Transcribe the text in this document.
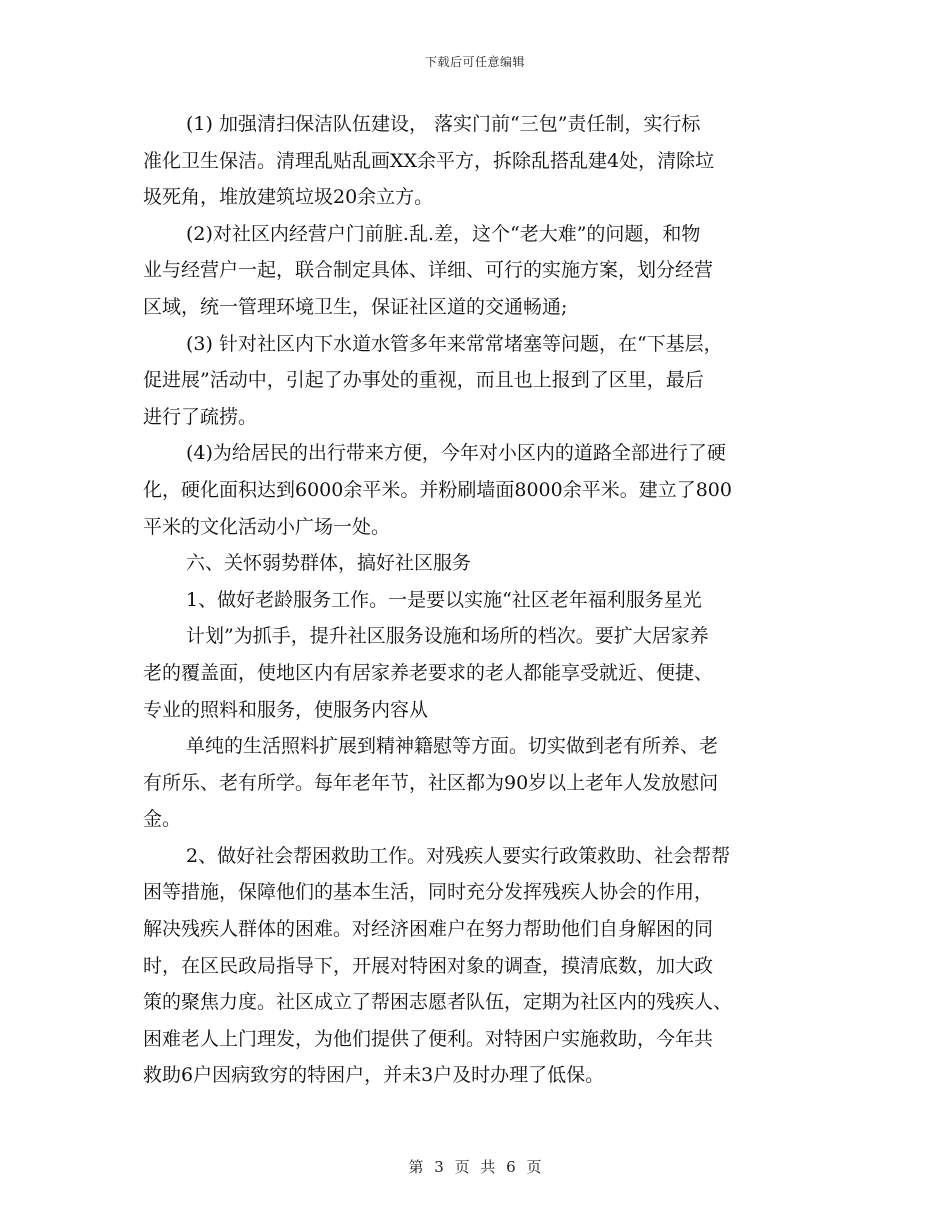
下载后可任意编辑
(1) 加强清扫保洁队伍建设， 落实门前“三包”责任制，实行标
准化卫生保洁。清理乱贴乱画XX余平方，拆除乱搭乱建4处，清除垃
圾死角，堆放建筑垃圾20余立方。
(2)对社区内经营户门前脏.乱.差，这个“老大难”的问题，和物
业与经营户一起，联合制定具体、详细、可行的实施方案，划分经营
区域，统一管理环境卫生，保证社区道的交通畅通;
(3) 针对社区内下水道水管多年来常常堵塞等问题，在“下基层，
促进展”活动中，引起了办事处的重视，而且也上报到了区里，最后
进行了疏捞。
(4)为给居民的出行带来方便，今年对小区内的道路全部进行了硬
化，硬化面积达到6000余平米。并粉刷墙面8000余平米。建立了800
平米的文化活动小广场一处。
六、关怀弱势群体，搞好社区服务
1、做好老龄服务工作。一是要以实施“社区老年福利服务星光
计划”为抓手，提升社区服务设施和场所的档次。要扩大居家养
老的覆盖面，使地区内有居家养老要求的老人都能享受就近、便捷、
专业的照料和服务，使服务内容从
单纯的生活照料扩展到精神籍慰等方面。切实做到老有所养、老
有所乐、老有所学。每年老年节，社区都为90岁以上老年人发放慰问
金。
2、做好社会帮困救助工作。对残疾人要实行政策救助、社会帮帮
困等措施，保障他们的基本生活，同时充分发挥残疾人协会的作用，
解决残疾人群体的困难。对经济困难户在努力帮助他们自身解困的同
时，在区民政局指导下，开展对特困对象的调查，摸清底数，加大政
策的聚焦力度。社区成立了帮困志愿者队伍，定期为社区内的残疾人、
困难老人上门理发，为他们提供了便利。对特困户实施救助，今年共
救助6户因病致穷的特困户，并未3户及时办理了低保。
第 3 页 共 6 页
